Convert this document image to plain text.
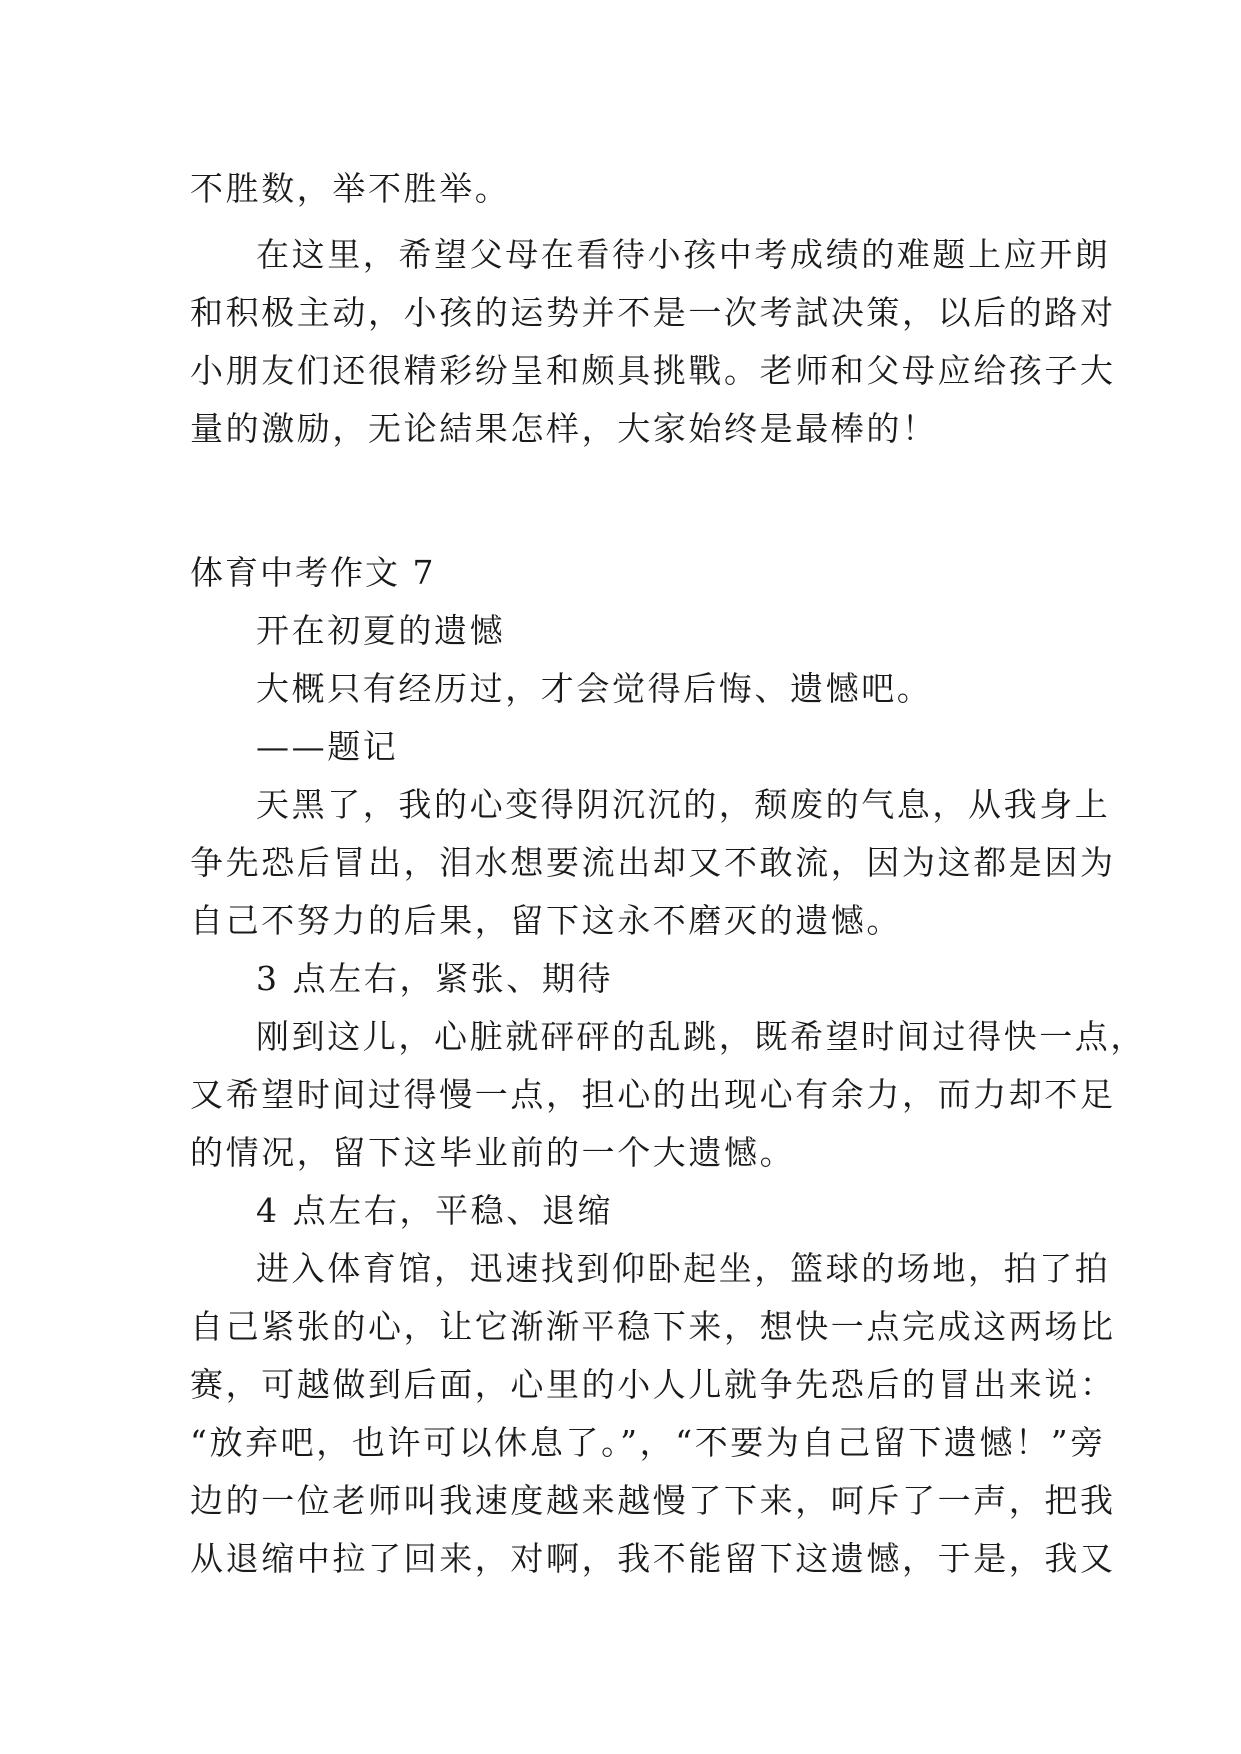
不胜数，举不胜举。
在这里，希望父母在看待小孩中考成绩的难题上应开朗
和积极主动，小孩的运势并不是一次考試决策，以后的路对
小朋友们还很精彩纷呈和颇具挑戰。老师和父母应给孩子大
量的激励，无论結果怎样，大家始终是最棒的！
体育中考作文 7
开在初夏的遗憾
大概只有经历过，才会觉得后悔、遗憾吧。
——题记
天黑了，我的心变得阴沉沉的，颓废的气息，从我身上
争先恐后冒出，泪水想要流出却又不敢流，因为这都是因为
自己不努力的后果，留下这永不磨灭的遗憾。
3 点左右，紧张、期待
刚到这儿，心脏就砰砰的乱跳，既希望时间过得快一点，
又希望时间过得慢一点，担心的出现心有余力，而力却不足
的情况，留下这毕业前的一个大遗憾。
4 点左右，平稳、退缩
进入体育馆，迅速找到仰卧起坐，篮球的场地，拍了拍
自己紧张的心，让它渐渐平稳下来，想快一点完成这两场比
赛，可越做到后面，心里的小人儿就争先恐后的冒出来说：
“放弃吧，也许可以休息了。”，“不要为自己留下遗憾！”旁
边的一位老师叫我速度越来越慢了下来，呵斥了一声，把我
从退缩中拉了回来，对啊，我不能留下这遗憾，于是，我又
